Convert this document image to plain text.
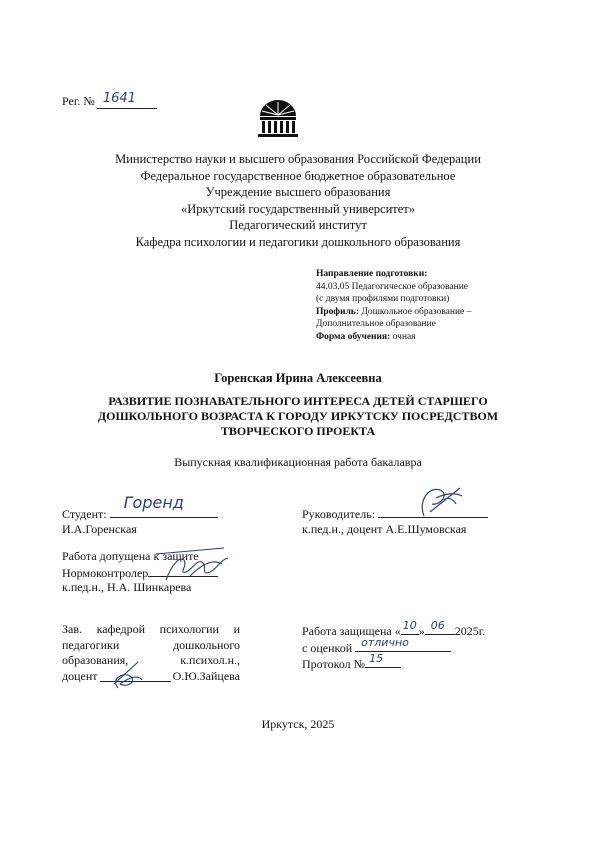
Рег. № 1641
Министерство науки и высшего образования Российской Федерации
Федеральное государственное бюджетное образовательное
Учреждение высшего образования
«Иркутский государственный университет»
Педагогический институт
Кафедра психологии и педагогики дошкольного образования
Направление подготовки:
44.03.05 Педагогическое образование
(с двумя профилями подготовки)
Профиль: Дошкольное образование –
Дополнительное образование
Форма обучения: очная
Горенская Ирина Алексеевна
РАЗВИТИЕ ПОЗНАВАТЕЛЬНОГО ИНТЕРЕСА ДЕТЕЙ СТАРШЕГО
ДОШКОЛЬНОГО ВОЗРАСТА К ГОРОДУ ИРКУТСКУ ПОСРЕДСТВОМ
ТВОРЧЕСКОГО ПРОЕКТА
Выпускная квалификационная работа бакалавра
Студент:
Горенд
И.А.Горенская
Руководитель:
к.пед.н., доцент А.Е.Шумовская
Работа допущена к защите
Нормоконтролер
к.пед.н., Н.А. Шинкарева
Зав. кафедрой психологии и
педагогики	дошкольного
образования,	к.психол.н.,
доцент	О.Ю.Зайцева
Работа защищена « 10 » 06 2025г.
с оценкой отлично
Протокол № 15
Иркутск, 2025
